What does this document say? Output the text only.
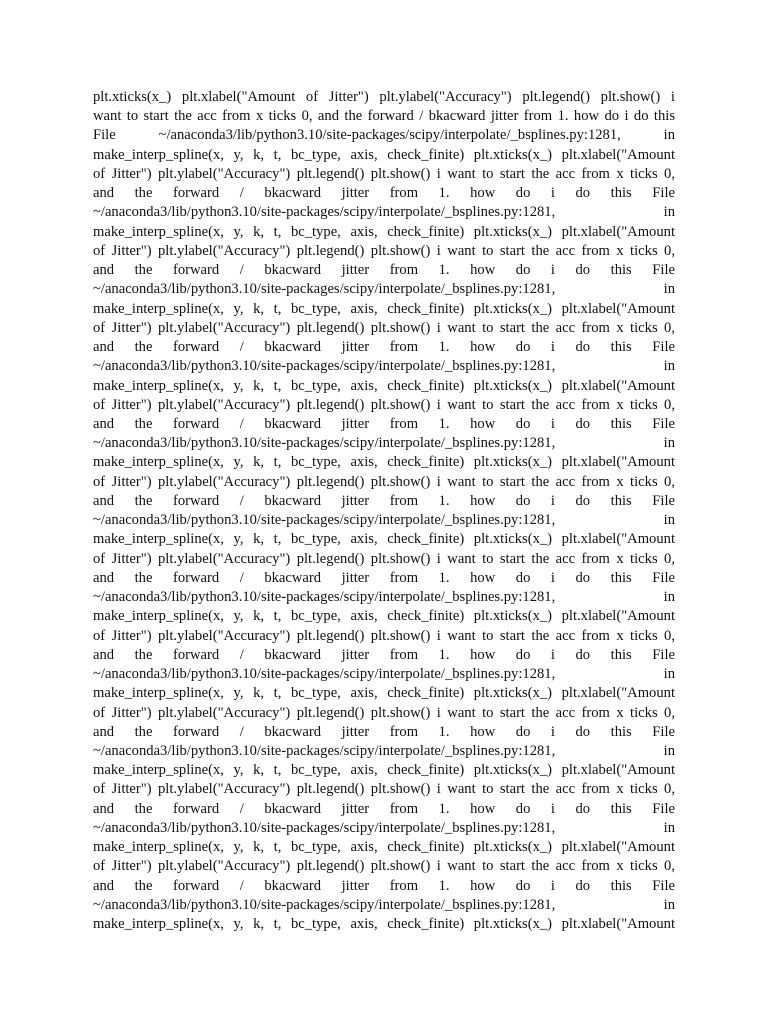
plt.xticks(x_) plt.xlabel("Amount of Jitter") plt.ylabel("Accuracy") plt.legend() plt.show() i
want to start the acc from x ticks 0, and the forward / bkacward jitter from 1. how do i do this
File ~/anaconda3/lib/python3.10/site-packages/scipy/interpolate/_bsplines.py:1281, in
make_interp_spline(x, y, k, t, bc_type, axis, check_finite) plt.xticks(x_) plt.xlabel("Amount
of Jitter") plt.ylabel("Accuracy") plt.legend() plt.show() i want to start the acc from x ticks 0,
and the forward / bkacward jitter from 1. how do i do this File
~/anaconda3/lib/python3.10/site-packages/scipy/interpolate/_bsplines.py:1281, in
make_interp_spline(x, y, k, t, bc_type, axis, check_finite) plt.xticks(x_) plt.xlabel("Amount
of Jitter") plt.ylabel("Accuracy") plt.legend() plt.show() i want to start the acc from x ticks 0,
and the forward / bkacward jitter from 1. how do i do this File
~/anaconda3/lib/python3.10/site-packages/scipy/interpolate/_bsplines.py:1281, in
make_interp_spline(x, y, k, t, bc_type, axis, check_finite) plt.xticks(x_) plt.xlabel("Amount
of Jitter") plt.ylabel("Accuracy") plt.legend() plt.show() i want to start the acc from x ticks 0,
and the forward / bkacward jitter from 1. how do i do this File
~/anaconda3/lib/python3.10/site-packages/scipy/interpolate/_bsplines.py:1281, in
make_interp_spline(x, y, k, t, bc_type, axis, check_finite) plt.xticks(x_) plt.xlabel("Amount
of Jitter") plt.ylabel("Accuracy") plt.legend() plt.show() i want to start the acc from x ticks 0,
and the forward / bkacward jitter from 1. how do i do this File
~/anaconda3/lib/python3.10/site-packages/scipy/interpolate/_bsplines.py:1281, in
make_interp_spline(x, y, k, t, bc_type, axis, check_finite) plt.xticks(x_) plt.xlabel("Amount
of Jitter") plt.ylabel("Accuracy") plt.legend() plt.show() i want to start the acc from x ticks 0,
and the forward / bkacward jitter from 1. how do i do this File
~/anaconda3/lib/python3.10/site-packages/scipy/interpolate/_bsplines.py:1281, in
make_interp_spline(x, y, k, t, bc_type, axis, check_finite) plt.xticks(x_) plt.xlabel("Amount
of Jitter") plt.ylabel("Accuracy") plt.legend() plt.show() i want to start the acc from x ticks 0,
and the forward / bkacward jitter from 1. how do i do this File
~/anaconda3/lib/python3.10/site-packages/scipy/interpolate/_bsplines.py:1281, in
make_interp_spline(x, y, k, t, bc_type, axis, check_finite) plt.xticks(x_) plt.xlabel("Amount
of Jitter") plt.ylabel("Accuracy") plt.legend() plt.show() i want to start the acc from x ticks 0,
and the forward / bkacward jitter from 1. how do i do this File
~/anaconda3/lib/python3.10/site-packages/scipy/interpolate/_bsplines.py:1281, in
make_interp_spline(x, y, k, t, bc_type, axis, check_finite) plt.xticks(x_) plt.xlabel("Amount
of Jitter") plt.ylabel("Accuracy") plt.legend() plt.show() i want to start the acc from x ticks 0,
and the forward / bkacward jitter from 1. how do i do this File
~/anaconda3/lib/python3.10/site-packages/scipy/interpolate/_bsplines.py:1281, in
make_interp_spline(x, y, k, t, bc_type, axis, check_finite) plt.xticks(x_) plt.xlabel("Amount
of Jitter") plt.ylabel("Accuracy") plt.legend() plt.show() i want to start the acc from x ticks 0,
and the forward / bkacward jitter from 1. how do i do this File
~/anaconda3/lib/python3.10/site-packages/scipy/interpolate/_bsplines.py:1281, in
make_interp_spline(x, y, k, t, bc_type, axis, check_finite) plt.xticks(x_) plt.xlabel("Amount
of Jitter") plt.ylabel("Accuracy") plt.legend() plt.show() i want to start the acc from x ticks 0,
and the forward / bkacward jitter from 1. how do i do this File
~/anaconda3/lib/python3.10/site-packages/scipy/interpolate/_bsplines.py:1281, in
make_interp_spline(x, y, k, t, bc_type, axis, check_finite) plt.xticks(x_) plt.xlabel("Amount
